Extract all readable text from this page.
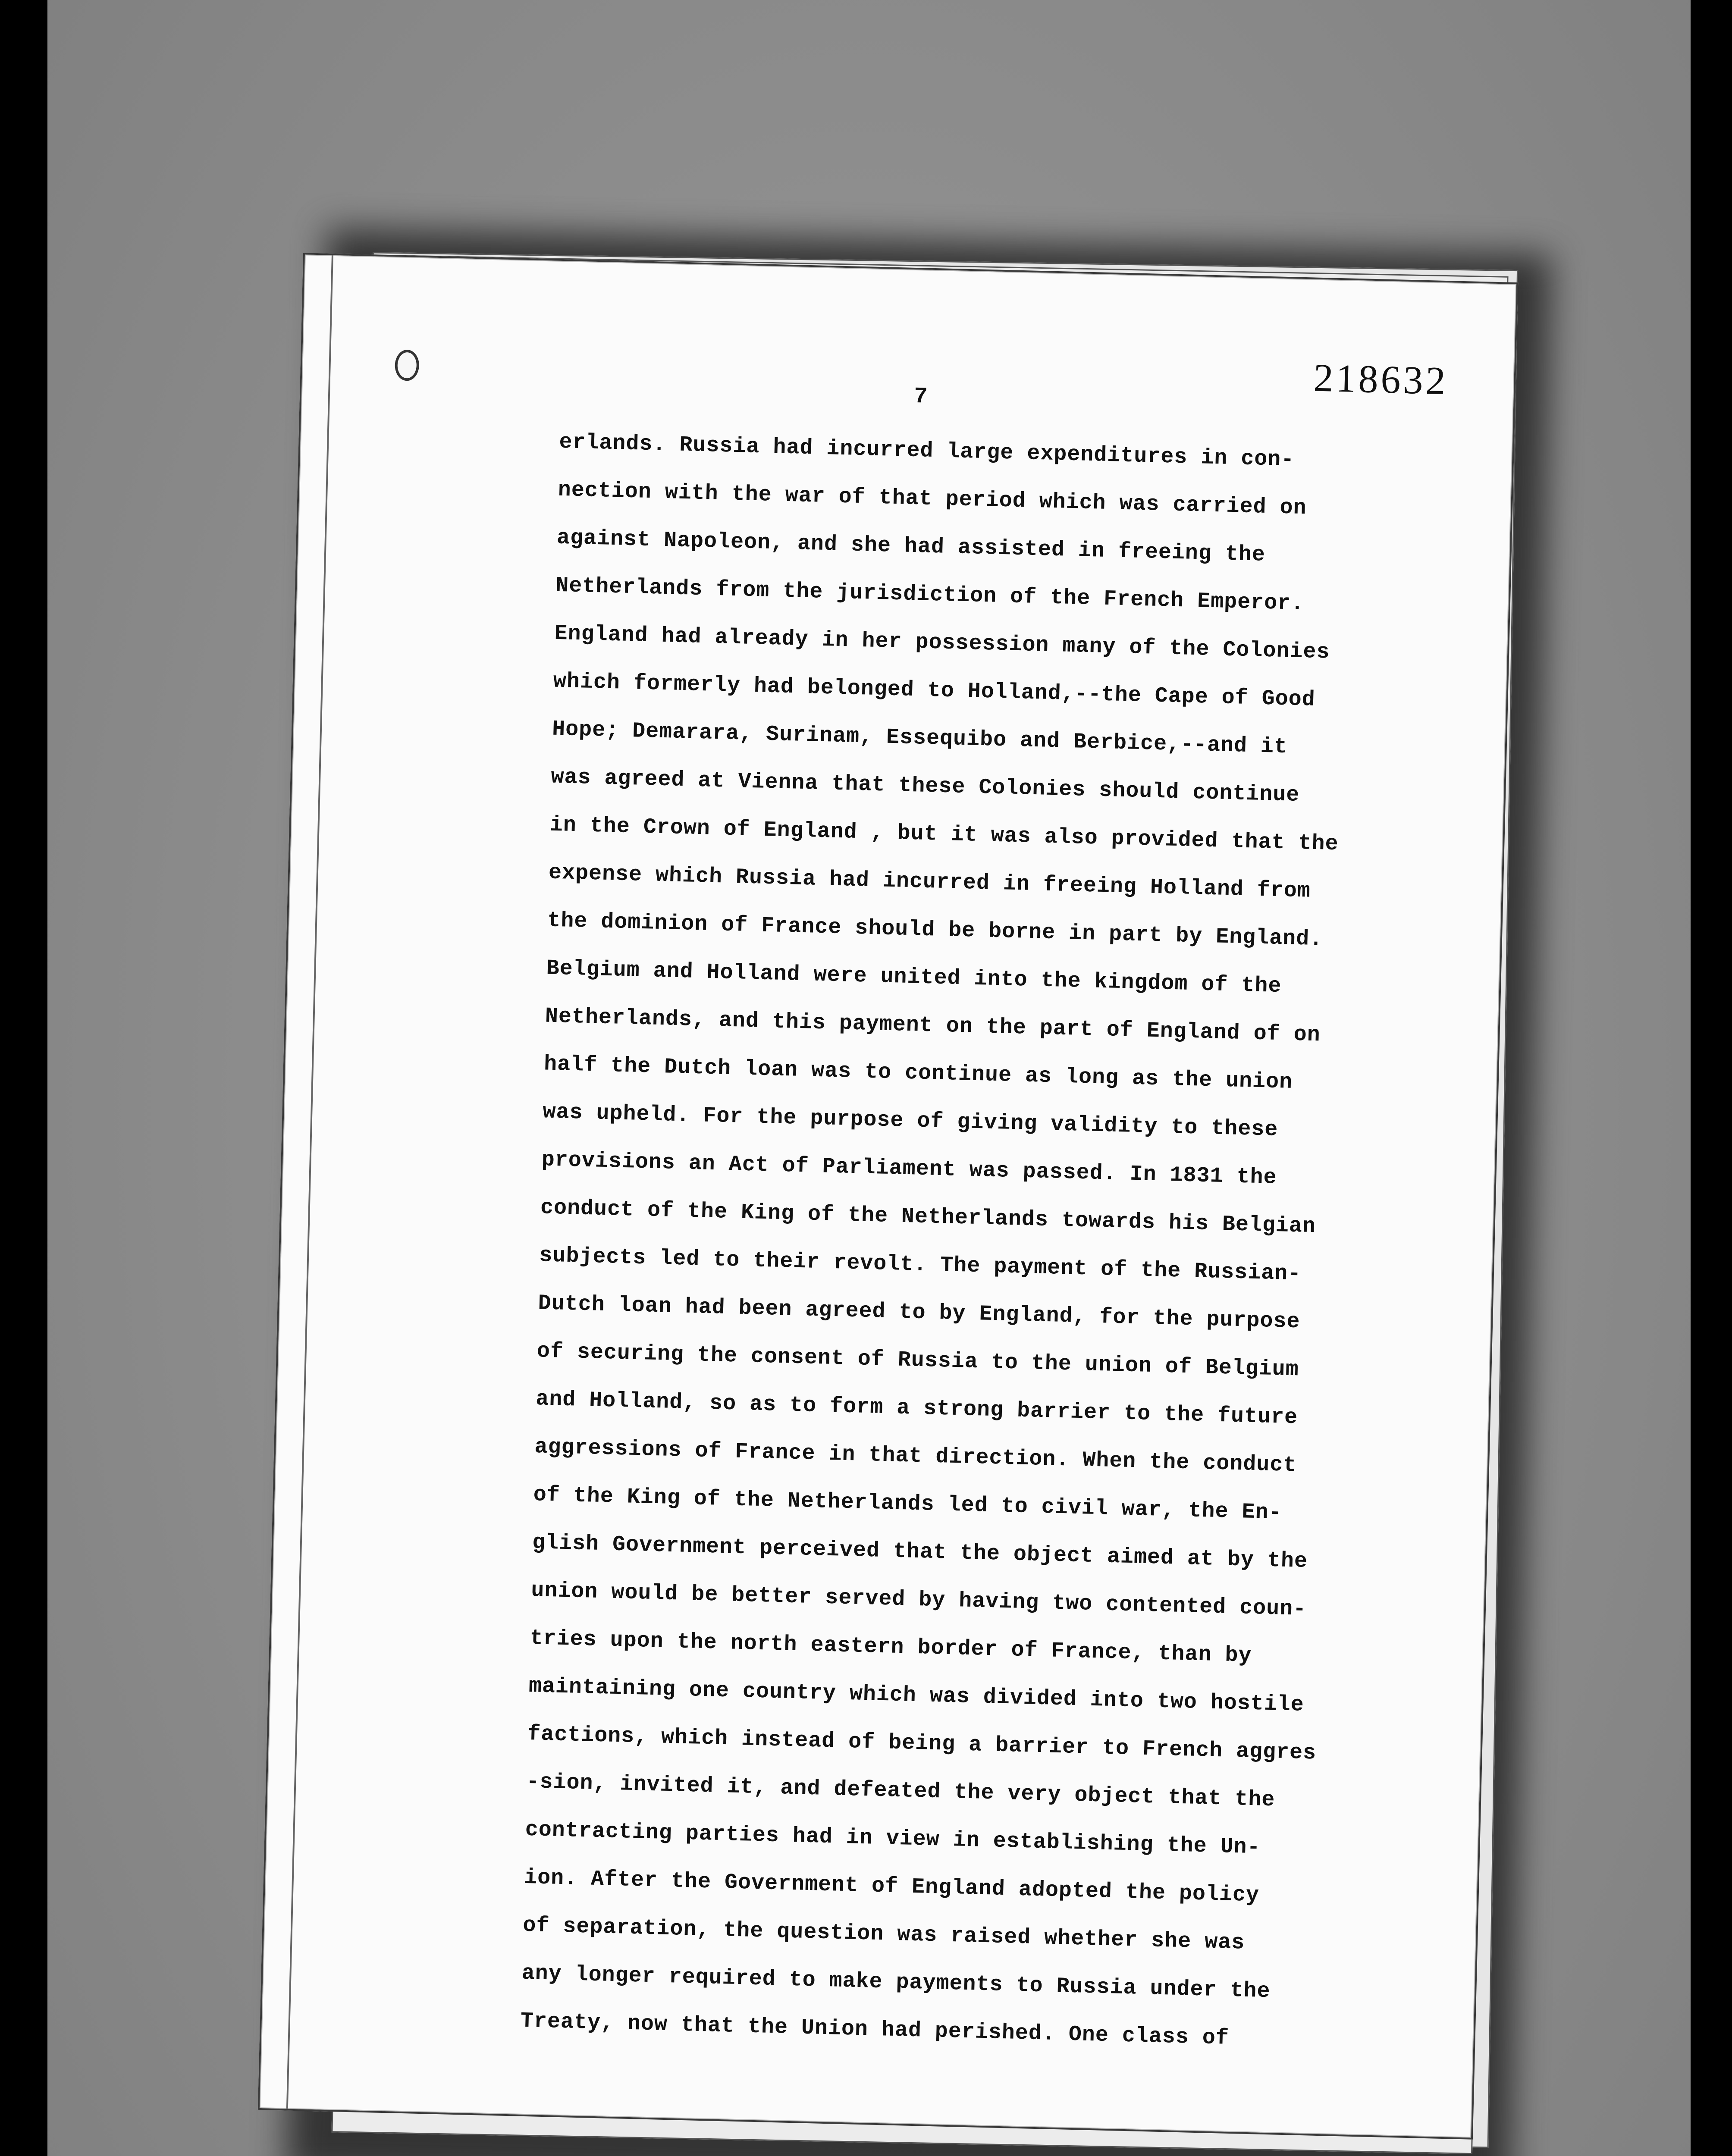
218632
7
erlands. Russia had incurred large expenditures in con-
nection with the war of that period which was carried on
against Napoleon, and she had assisted in freeing the
Netherlands from the jurisdiction of the French Emperor.
England had already in her possession many of the Colonies
which formerly had belonged to Holland,--the Cape of Good
Hope; Demarara, Surinam, Essequibo and Berbice,--and it
was agreed at Vienna that these Colonies should continue
in the Crown of England , but it was also provided that the
expense which Russia had incurred in freeing Holland from
the dominion of France should be borne in part by England.
Belgium and Holland were united into the kingdom of the
Netherlands, and this payment on the part of England of on
half the Dutch loan was to continue as long as the union
was upheld. For the purpose of giving validity to these
provisions an Act of Parliament was passed. In 1831 the
conduct of the King of the Netherlands towards his Belgian
subjects led to their revolt. The payment of the Russian-
Dutch loan had been agreed to by England, for the purpose
of securing the consent of Russia to the union of Belgium
and Holland, so as to form a strong barrier to the future
aggressions of France in that direction. When the conduct
of the King of the Netherlands led to civil war, the En-
glish Government perceived that the object aimed at by the
union would be better served by having two contented coun-
tries upon the north eastern border of France, than by
maintaining one country which was divided into two hostile
factions, which instead of being a barrier to French aggres
-sion, invited it, and defeated the very object that the
contracting parties had in view in establishing the Un-
ion. After the Government of England adopted the policy
of separation, the question was raised whether she was
any longer required to make payments to Russia under the
Treaty, now that the Union had perished. One class of
